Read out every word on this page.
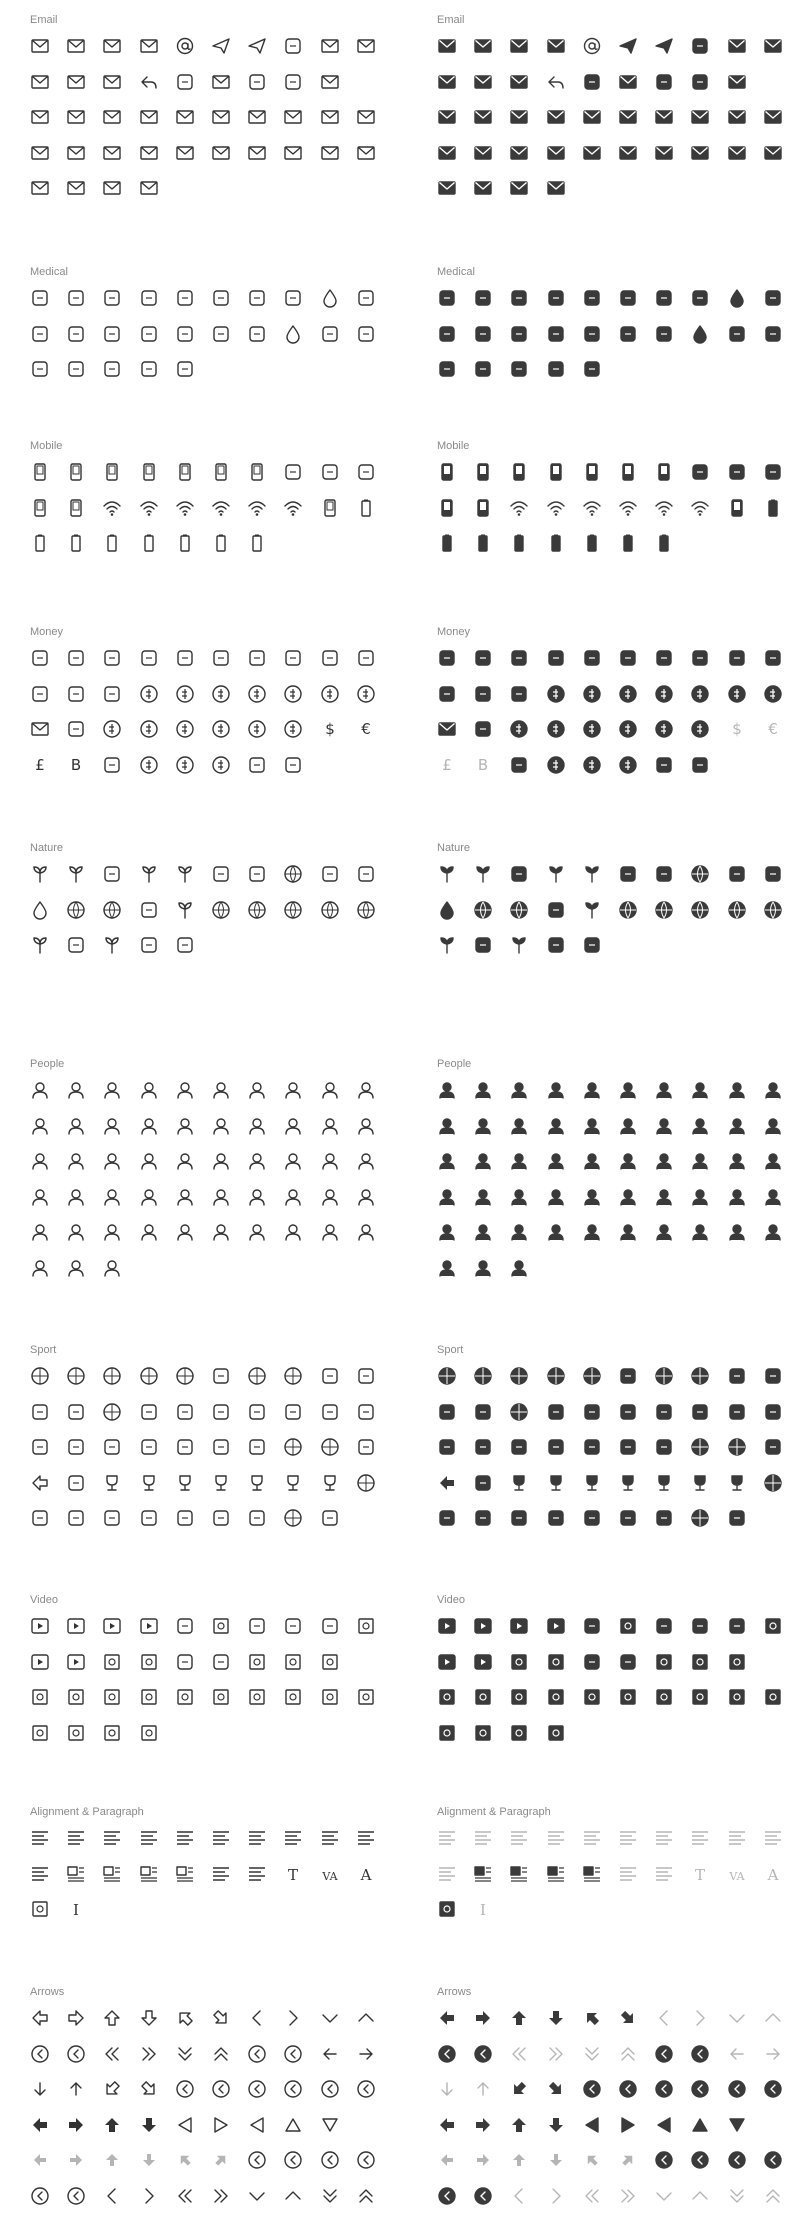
Email	Email
Medical	Medical
Mobile	Mobile
Money
$ €
£ B
Money
$ €
£ B
Nature	Nature
People	People
Sport	Sport
Video	Video
Alignment & Paragraph
T VA A
I
Alignment & Paragraph
T VA A
I
Arrows	Arrows
